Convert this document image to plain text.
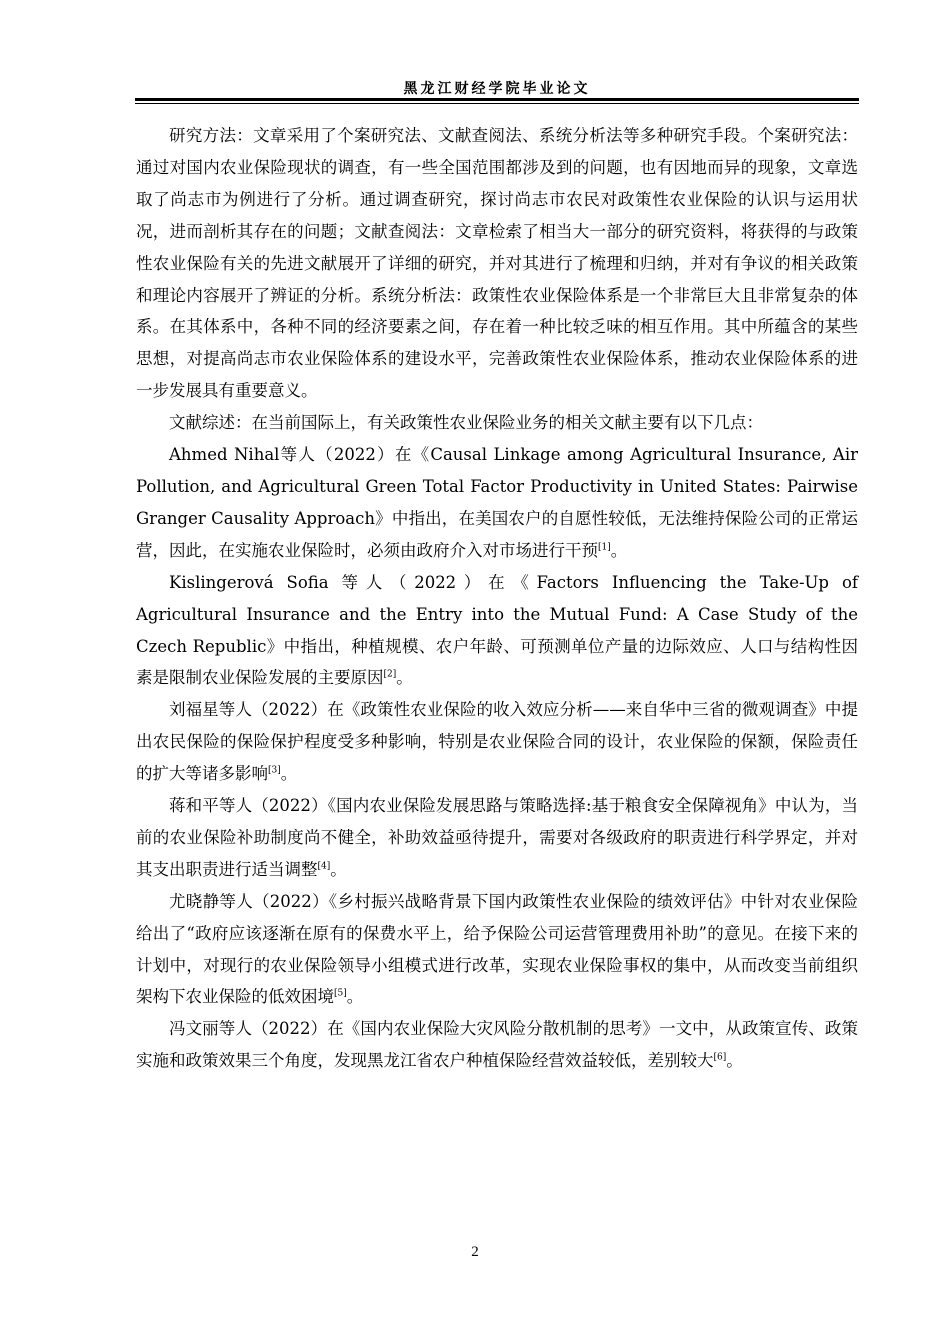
黑龙江财经学院毕业论文

研究方法：文章采用了个案研究法、文献查阅法、系统分析法等多种研究手段。个案研究法：通过对国内农业保险现状的调查，有一些全国范围都涉及到的问题，也有因地而异的现象，文章选取了尚志市为例进行了分析。通过调查研究，探讨尚志市农民对政策性农业保险的认识与运用状况，进而剖析其存在的问题；文献查阅法：文章检索了相当大一部分的研究资料，将获得的与政策性农业保险有关的先进文献展开了详细的研究，并对其进行了梳理和归纳，并对有争议的相关政策和理论内容展开了辨证的分析。系统分析法：政策性农业保险体系是一个非常巨大且非常复杂的体系。在其体系中，各种不同的经济要素之间，存在着一种比较乏味的相互作用。其中所蕴含的某些思想，对提高尚志市农业保险体系的建设水平，完善政策性农业保险体系，推动农业保险体系的进一步发展具有重要意义。

文献综述：在当前国际上，有关政策性农业保险业务的相关文献主要有以下几点：

Ahmed Nihal等人（2022）在《Causal Linkage among Agricultural Insurance, Air Pollution, and Agricultural Green Total Factor Productivity in United States: Pairwise Granger Causality Approach》中指出，在美国农户的自愿性较低，无法维持保险公司的正常运营，因此，在实施农业保险时，必须由政府介入对市场进行干预[1]。

Kislingerová Sofia 等人（2022）在《Factors Influencing the Take-Up of Agricultural Insurance and the Entry into the Mutual Fund: A Case Study of the Czech Republic》中指出，种植规模、农户年龄、可预测单位产量的边际效应、人口与结构性因素是限制农业保险发展的主要原因[2]。

刘福星等人（2022）在《政策性农业保险的收入效应分析——来自华中三省的微观调查》中提出农民保险的保险保护程度受多种影响，特别是农业保险合同的设计，农业保险的保额，保险责任的扩大等诸多影响[3]。

蒋和平等人（2022）《国内农业保险发展思路与策略选择:基于粮食安全保障视角》中认为，当前的农业保险补助制度尚不健全，补助效益亟待提升，需要对各级政府的职责进行科学界定，并对其支出职责进行适当调整[4]。

尤晓静等人（2022）《乡村振兴战略背景下国内政策性农业保险的绩效评估》中针对农业保险给出了“政府应该逐渐在原有的保费水平上，给予保险公司运营管理费用补助”的意见。在接下来的计划中，对现行的农业保险领导小组模式进行改革，实现农业保险事权的集中，从而改变当前组织架构下农业保险的低效困境[5]。

冯文丽等人（2022）在《国内农业保险大灾风险分散机制的思考》一文中，从政策宣传、政策实施和政策效果三个角度，发现黑龙江省农户种植保险经营效益较低，差别较大[6]。

2
